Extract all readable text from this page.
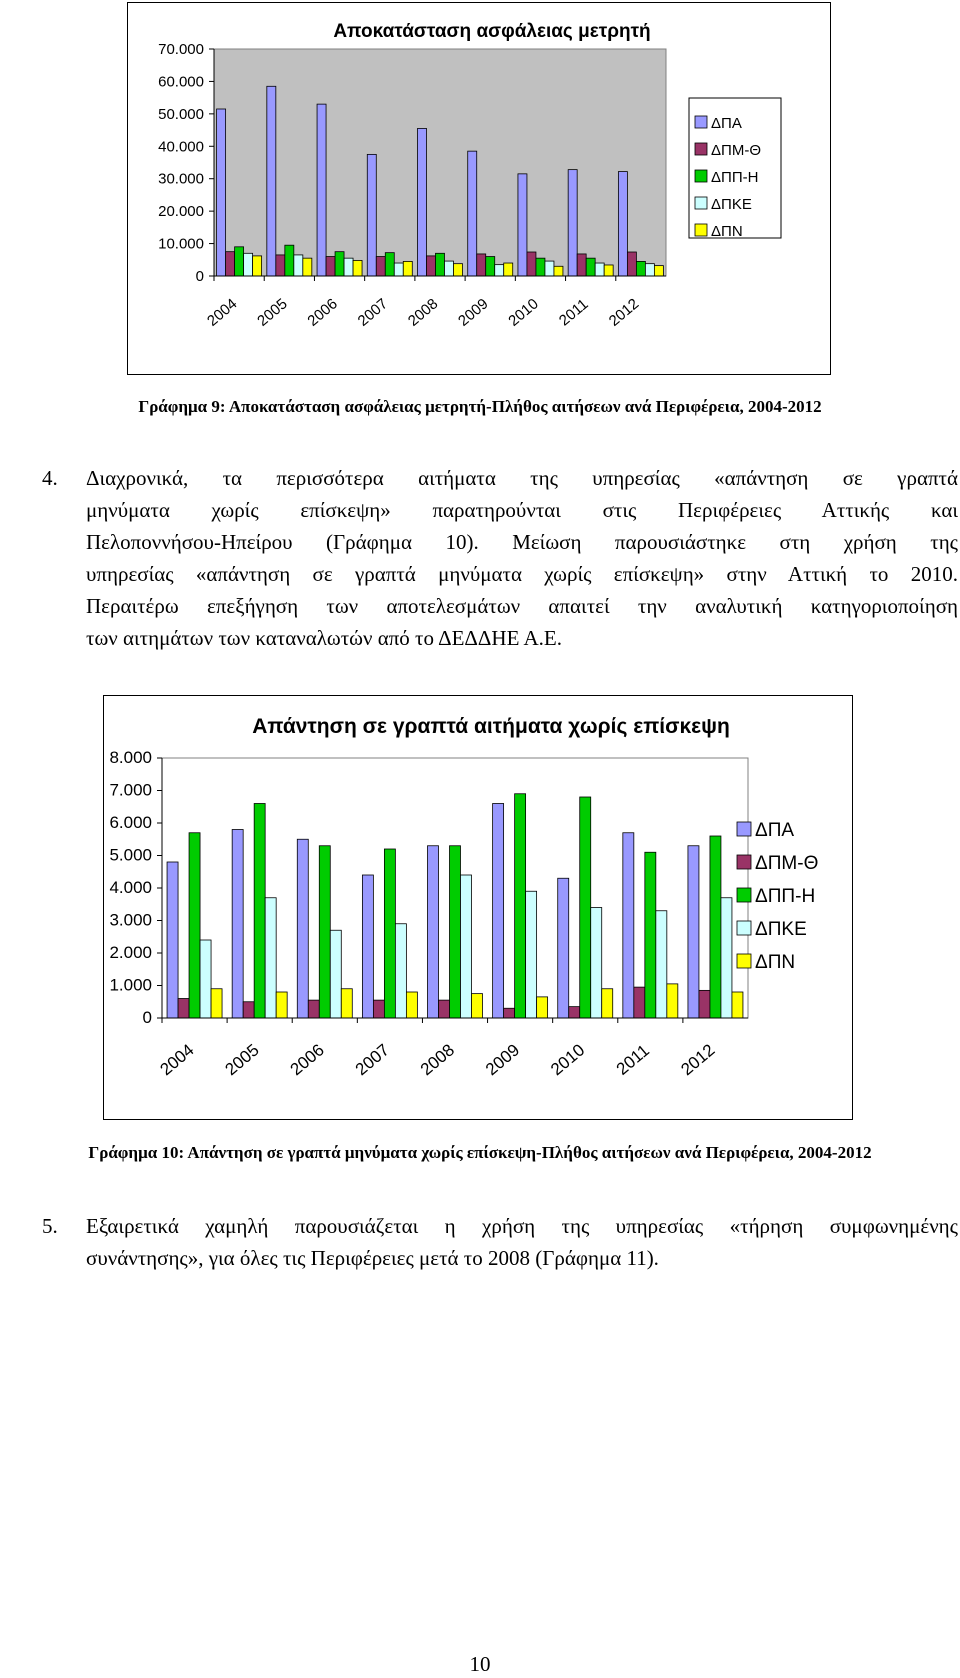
Αποκατάσταση ασφάλειας μετρητή
0
10.000
20.000
30.000
40.000
50.000
60.000
70.000
2004 2005 2006 2007 2008 2009 2010 2011 2012
ΔΠΑ
ΔΠΜ-Θ
ΔΠΠ-Η
ΔΠΚΕ
ΔΠΝ
Γράφημα 9: Αποκατάσταση ασφάλειας μετρητή-Πλήθος αιτήσεων ανά Περιφέρεια, 2004-2012
4. Διαχρονικά, τα περισσότερα αιτήματα της υπηρεσίας «απάντηση σε γραπτά
μηνύματα χωρίς επίσκεψη» παρατηρούνται στις Περιφέρειες Αττικής και
Πελοποννήσου-Ηπείρου (Γράφημα 10). Μείωση παρουσιάστηκε στη χρήση της
υπηρεσίας «απάντηση σε γραπτά μηνύματα χωρίς επίσκεψη» στην Αττική το 2010.
Περαιτέρω επεξήγηση των αποτελεσμάτων απαιτεί την αναλυτική κατηγοριοποίηση
των αιτημάτων των καταναλωτών από το ΔΕΔΔΗΕ Α.Ε.
Απάντηση σε γραπτά αιτήματα χωρίς επίσκεψη
0
1.000
2.000
3.000
4.000
5.000
6.000
7.000
8.000
2004 2005 2006 2007 2008 2009 2010 2011 2012
ΔΠΑ
ΔΠΜ-Θ
ΔΠΠ-Η
ΔΠΚΕ
ΔΠΝ
Γράφημα 10: Απάντηση σε γραπτά μηνύματα χωρίς επίσκεψη-Πλήθος αιτήσεων ανά Περιφέρεια, 2004-2012
5. Εξαιρετικά χαμηλή παρουσιάζεται η χρήση της υπηρεσίας «τήρηση συμφωνημένης
συνάντησης», για όλες τις Περιφέρειες μετά το 2008 (Γράφημα 11).
10
